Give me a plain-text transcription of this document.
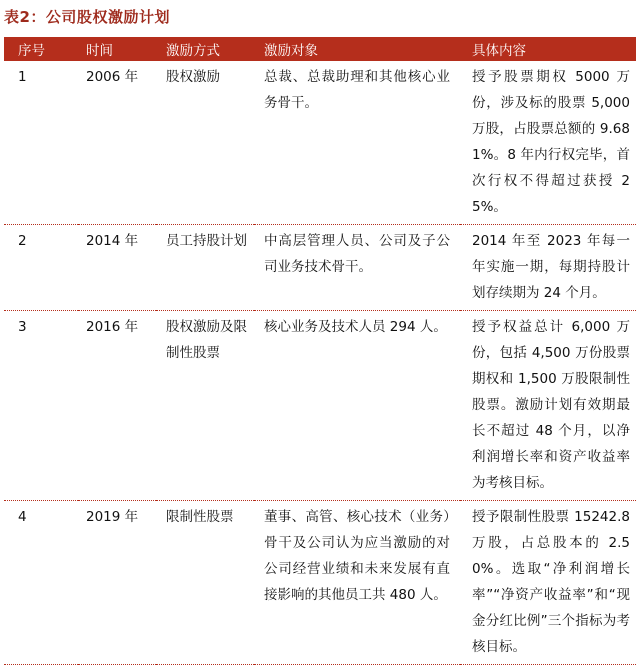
表2：公司股权激励计划
序号	时间	激励方式	激励对象	具体内容
1	2006 年	股权激励	总裁、总裁助理和其他核心业务骨干。	授予股票期权 5000 万份，涉及标的股票 5,000 万股，占股票总额的 9.681%。8 年内行权完毕，首次行权不得超过获授 25%。
2	2014 年	员工持股计划	中高层管理人员、公司及子公司业务技术骨干。	2014 年至 2023 年每一年实施一期，每期持股计划存续期为 24 个月。
3	2016 年	股权激励及限制性股票	核心业务及技术人员 294 人。	授予权益总计 6,000 万份，包括 4,500 万份股票期权和 1,500 万股限制性股票。激励计划有效期最长不超过 48 个月，以净利润增长率和资产收益率为考核目标。
4	2019 年	限制性股票	董事、高管、核心技术（业务）骨干及公司认为应当激励的对公司经营业绩和未来发展有直接影响的其他员工共 480 人。	授予限制性股票 15242.8 万股，占总股本的 2.50%。选取“净利润增长率”“净资产收益率”和“现金分红比例”三个指标为考核目标。
